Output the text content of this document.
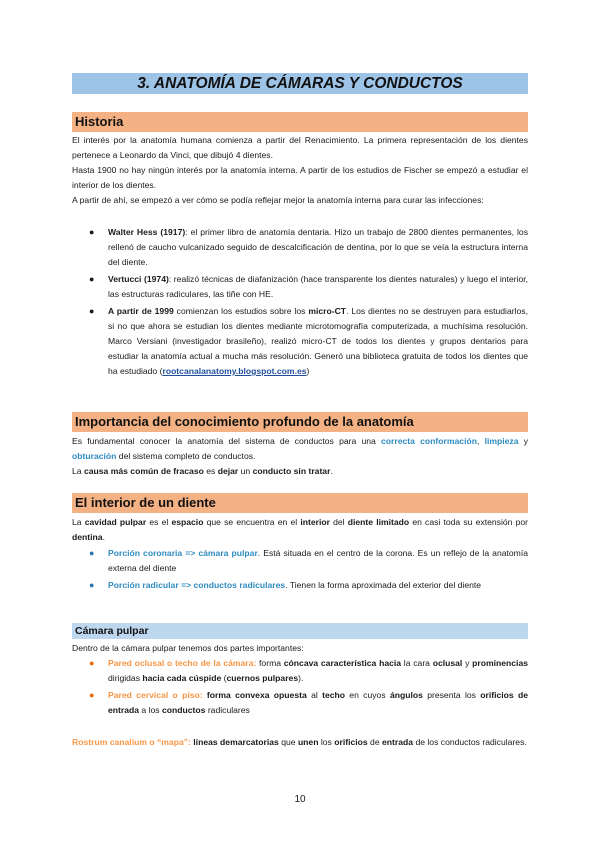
3. ANATOMÍA DE CÁMARAS Y CONDUCTOS
Historia
El interés por la anatomía humana comienza a partir del Renacimiento. La primera representación de los dientes pertenece a Leonardo da Vinci, que dibujó 4 dientes.
Hasta 1900 no hay ningún interés por la anatomía interna. A partir de los estudios de Fischer se empezó a estudiar el interior de los dientes.
A partir de ahí, se empezó a ver cómo se podía reflejar mejor la anatomía interna para curar las infecciones:
● Walter Hess (1917): el primer libro de anatomía dentaria. Hizo un trabajo de 2800 dientes permanentes, los rellenó de caucho vulcanizado seguido de descalcificación de dentina, por lo que se veía la estructura interna del diente.
● Vertucci (1974): realizó técnicas de diafanización (hace transparente los dientes naturales) y luego el interior, las estructuras radiculares, las tiñe con HE.
● A partir de 1999 comienzan los estudios sobre los micro-CT. Los dientes no se destruyen para estudiarlos, si no que ahora se estudian los dientes mediante microtomografía computerizada, a muchísima resolución. Marco Versiani (investigador brasileño), realizó micro-CT de todos los dientes y grupos dentarios para estudiar la anatomía actual a mucha más resolución. Generó una biblioteca gratuita de todos los dientes que ha estudiado (rootcanalanatomy.blogspot.com.es)
Importancia del conocimiento profundo de la anatomía
Es fundamental conocer la anatomía del sistema de conductos para una correcta conformación, limpieza y obturación del sistema completo de conductos.
La causa más común de fracaso es dejar un conducto sin tratar.
El interior de un diente
La cavidad pulpar es el espacio que se encuentra en el interior del diente limitado en casi toda su extensión por dentina.
● Porción coronaria => cámara pulpar. Está situada en el centro de la corona. Es un reflejo de la anatomía externa del diente
● Porción radicular => conductos radiculares. Tienen la forma aproximada del exterior del diente
Cámara pulpar
Dentro de la cámara pulpar tenemos dos partes importantes:
● Pared oclusal o techo de la cámara: forma cóncava característica hacia la cara oclusal y prominencias dirigidas hacia cada cúspide (cuernos pulpares).
● Pared cervical o piso: forma convexa opuesta al techo en cuyos ángulos presenta los orificios de entrada a los conductos radiculares
Rostrum canalium o “mapa”: líneas demarcatorias que unen los orificios de entrada de los conductos radiculares.
10
